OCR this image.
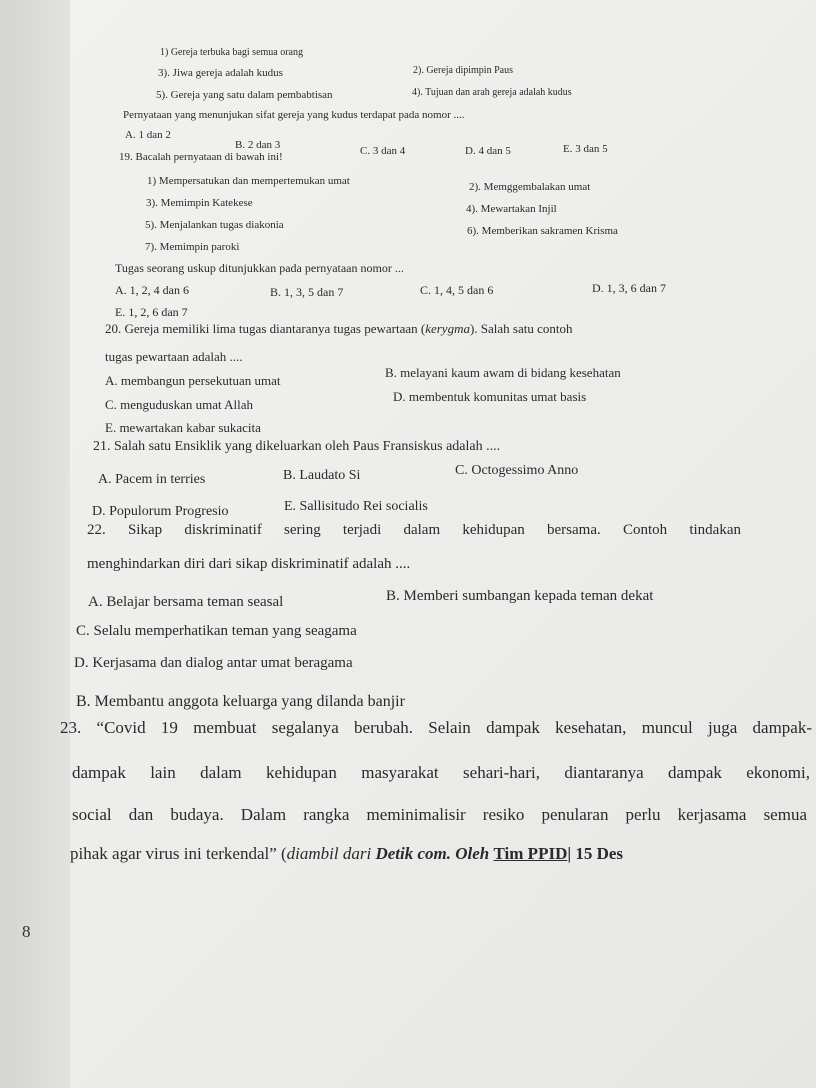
1) Gereja terbuka bagi semua orang
2). Gereja dipimpin Paus
3). Jiwa gereja adalah kudus
4). Tujuan dan arah gereja adalah kudus
5). Gereja yang satu dalam pembabtisan
Pernyataan yang menunjukan sifat gereja yang kudus terdapat pada nomor ....
A. 1 dan 2
B. 2 dan 3	C. 3 dan 4	D. 4 dan 5	E. 3 dan 5
19. Bacalah pernyataan di bawah ini!
1) Mempersatukan dan mempertemukan umat	2). Memggembalakan umat
3). Memimpin Katekese	4). Mewartakan Injil
5). Menjalankan tugas diakonia	6). Memberikan sakramen Krisma
7). Memimpin paroki
Tugas seorang uskup ditunjukkan pada pernyataan nomor ...
A. 1, 2, 4 dan 6	B. 1, 3, 5 dan 7	C. 1, 4, 5 dan 6	D. 1, 3, 6 dan 7
E. 1, 2, 6 dan 7
20. Gereja memiliki lima tugas diantaranya tugas pewartaan (kerygma). Salah satu contoh
tugas pewartaan adalah ....
A. membangun persekutuan umat
B. melayani kaum awam di bidang kesehatan
C. menguduskan umat Allah
D. membentuk komunitas umat basis
E. mewartakan kabar sukacita
21. Salah satu Ensiklik yang dikeluarkan oleh Paus Fransiskus adalah ....
A. Pacem in terries	B. Laudato Si	C. Octogessimo Anno
D. Populorum Progresio	E. Sallisitudo Rei socialis
22. Sikap diskriminatif sering terjadi dalam kehidupan bersama. Contoh tindakan
menghindarkan diri dari sikap diskriminatif adalah ....
A. Belajar bersama teman seasal	B. Memberi sumbangan kepada teman dekat
C. Selalu memperhatikan teman yang seagama
D. Kerjasama dan dialog antar umat beragama
B. Membantu anggota keluarga yang dilanda banjir
23. “Covid 19 membuat segalanya berubah. Selain dampak kesehatan, muncul juga dampak-
dampak lain dalam kehidupan masyarakat sehari-hari, diantaranya dampak ekonomi,
social dan budaya. Dalam rangka meminimalisir resiko penularan perlu kerjasama semua
pihak agar virus ini terkendal” (diambil dari Detik com. Oleh Tim PPID| 15 Des
8
